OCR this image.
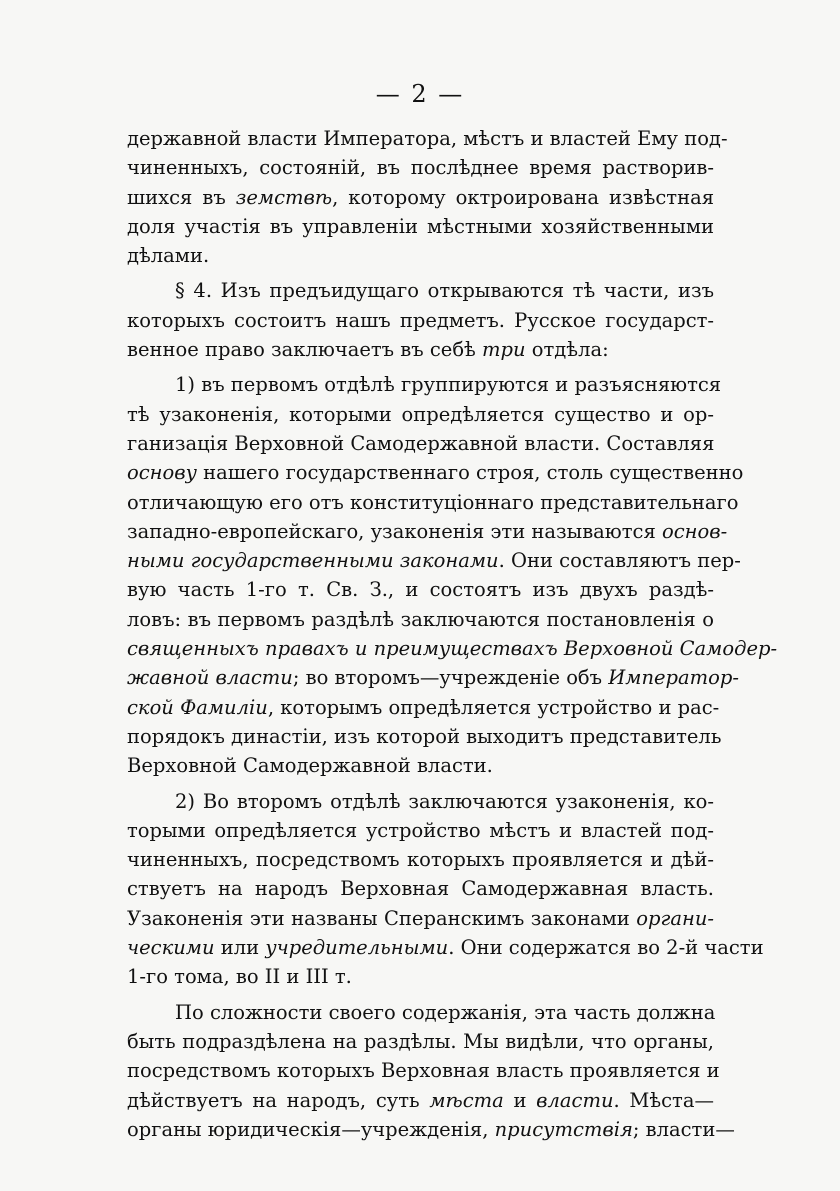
— 2 —
державной власти Императора, мѣстъ и властей Ему под-
чиненныхъ, состояній, въ послѣднее время растворив-
шихся въ земствѣ, которому октроирована извѣстная
доля участія въ управленіи мѣстными хозяйственными
дѣлами.
§ 4. Изъ предъидущаго открываются тѣ части, изъ
которыхъ состоитъ нашъ предметъ. Русское государст-
венное право заключаетъ въ себѣ три отдѣла:
1) въ первомъ отдѣлѣ группируются и разъясняются
тѣ узаконенія, которыми опредѣляется существо и ор-
ганизація Верховной Самодержавной власти. Составляя
основу нашего государственнаго строя, столь существенно
отличающую его отъ конституціоннаго представительнаго
западно-европейскаго, узаконенія эти называются основ-
ными государственными законами. Они составляютъ пер-
вую часть 1-го т. Св. З., и состоятъ изъ двухъ раздѣ-
ловъ: въ первомъ раздѣлѣ заключаются постановленія о
священныхъ правахъ и преимуществахъ Верховной Самодер-
жавной власти; во второмъ—учрежденіе объ Император-
ской Фамиліи, которымъ опредѣляется устройство и рас-
порядокъ династіи, изъ которой выходитъ представитель
Верховной Самодержавной власти.
2) Во второмъ отдѣлѣ заключаются узаконенія, ко-
торыми опредѣляется устройство мѣстъ и властей под-
чиненныхъ, посредствомъ которыхъ проявляется и дѣй-
ствуетъ на народъ Верховная Самодержавная власть.
Узаконенія эти названы Сперанскимъ законами органи-
ческими или учредительными. Они содержатся во 2-й части
1-го тома, во II и III т.
По сложности своего содержанія, эта часть должна
быть подраздѣлена на раздѣлы. Мы видѣли, что органы,
посредствомъ которыхъ Верховная власть проявляется и
дѣйствуетъ на народъ, суть мѣста и власти. Мѣста—
органы юридическія—учрежденія, присутствія; власти—
